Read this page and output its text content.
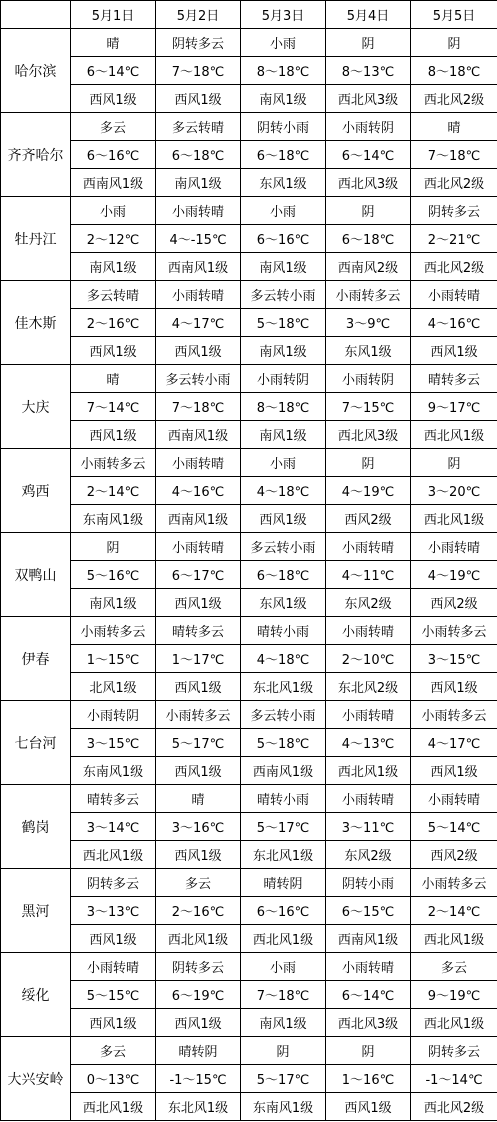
	5月1日	5月2日	5月3日	5月4日	5月5日
哈尔滨	晴	阴转多云	小雨	阴	阴
	6～14℃	7～18℃	8～18℃	8～13℃	8～18℃
	西风1级	西风1级	南风1级	西北风3级	西北风2级
齐齐哈尔	多云	多云转晴	阴转小雨	小雨转阴	晴
	6～16℃	6～18℃	6～18℃	6～14℃	7～18℃
	西南风1级	南风1级	东风1级	西北风3级	西北风2级
牡丹江	小雨	小雨转晴	小雨	阴	阴转多云
	2～12℃	4～-15℃	6～16℃	6～18℃	2～21℃
	南风1级	西南风1级	南风1级	西南风2级	西北风2级
佳木斯	多云转晴	小雨转晴	多云转小雨	小雨转多云	小雨转晴
	2～16℃	4～17℃	5～18℃	3～9℃	4～16℃
	西风1级	西风1级	南风1级	东风1级	西风1级
大庆	晴	多云转小雨	小雨转阴	小雨转阴	晴转多云
	7～14℃	7～18℃	8～18℃	7～15℃	9～17℃
	西风1级	西南风1级	南风1级	西北风3级	西北风1级
鸡西	小雨转多云	小雨转晴	小雨	阴	阴
	2～14℃	4～16℃	4～18℃	4～19℃	3～20℃
	东南风1级	西南风1级	西风1级	西风2级	西北风1级
双鸭山	阴	小雨转晴	多云转小雨	小雨转晴	小雨转晴
	5～16℃	6～17℃	6～18℃	4～11℃	4～19℃
	南风1级	西风1级	东风1级	东风2级	西风2级
伊春	小雨转多云	晴转多云	晴转小雨	小雨转晴	小雨转多云
	1～15℃	1～17℃	4～18℃	2～10℃	3～15℃
	北风1级	西风1级	东北风1级	东北风2级	西风1级
七台河	小雨转阴	小雨转多云	多云转小雨	小雨转晴	小雨转多云
	3～15℃	5～17℃	5～18℃	4～13℃	4～17℃
	东南风1级	西风1级	西南风1级	西北风1级	西风1级
鹤岗	晴转多云	晴	晴转小雨	小雨转晴	小雨转晴
	3～14℃	3～16℃	5～17℃	3～11℃	5～14℃
	西北风1级	西风1级	东北风1级	东风2级	西风2级
黑河	阴转多云	多云	晴转阴	阴转小雨	小雨转多云
	3～13℃	2～16℃	6～16℃	6～15℃	2～14℃
	西风1级	西北风1级	西北风1级	西南风1级	西北风1级
绥化	小雨转晴	阴转多云	小雨	小雨转晴	多云
	5～15℃	6～19℃	7～18℃	6～14℃	9～19℃
	西风1级	西风1级	南风1级	西北风3级	西北风1级
大兴安岭	多云	晴转阴	阴	阴	阴转多云
	0～13℃	-1～15℃	5～17℃	1～16℃	-1～14℃
	西北风1级	东北风1级	东南风1级	西风1级	西北风2级
